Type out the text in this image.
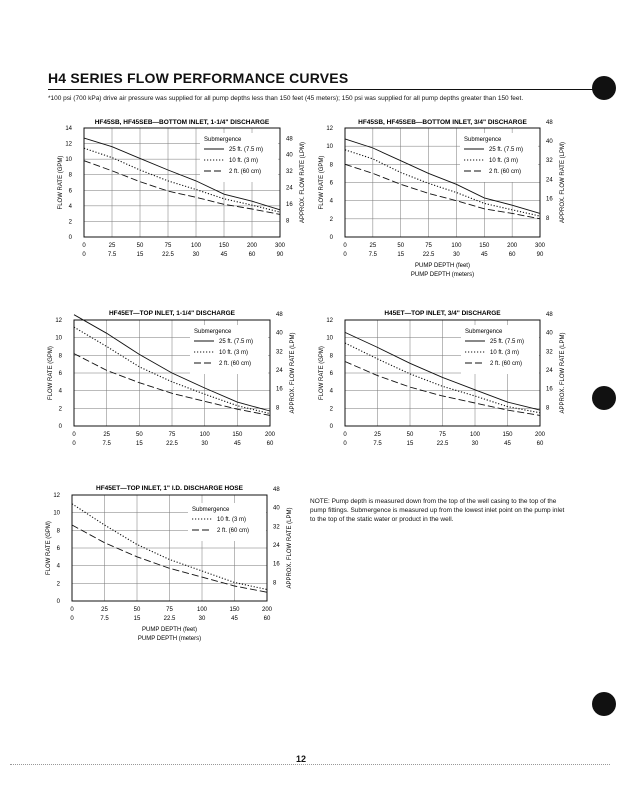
H4 SERIES FLOW PERFORMANCE CURVES
*100 psi (700 kPa) drive air pressure was supplied for all pump depths less than 150 feet (45 meters); 150 psi was supplied for all pump depths greater than 150 feet.
HF45SB, HF45SEB—BOTTOM INLET, 1-1/4" DISCHARGE
0
2
4
6
8
10
12
14
8
16
24
32
40
48
0	25	50	75	100	150	200	300
0	7.5	15	22.5	30	45	60	90
FLOW RATE (GPM)	APPROX. FLOW RATE (LPM)
Submergence
25 ft. (7.5 m)
10 ft. (3 m)
2 ft. (60 cm)
HF45SB, HF45SEB—BOTTOM INLET, 3/4" DISCHARGE
0
2
4
6
8
10
12
8
16
24
32
40
48
0	25	50	75	100	150	200	300
0	7.5	15	22.5	30	45	60	90
FLOW RATE (GPM)	APPROX. FLOW RATE (LPM)
PUMP DEPTH (feet)
PUMP DEPTH (meters)
Submergence
25 ft. (7.5 m)
10 ft. (3 m)
2 ft. (60 cm)
HF45ET—TOP INLET, 1-1/4" DISCHARGE
0
2
4
6
8
10
12
8
16
24
32
40
48
0	25	50	75	100	150	200
0	7.5	15	22.5	30	45	60
FLOW RATE (GPM)	APPROX. FLOW RATE (LPM)
Submergence
25 ft. (7.5 m)
10 ft. (3 m)
2 ft. (60 cm)
H45ET—TOP INLET, 3/4" DISCHARGE
0
2
4
6
8
10
12
8
16
24
32
40
48
0	25	50	75	100	150	200
0	7.5	15	22.5	30	45	60
FLOW RATE (GPM)	APPROX. FLOW RATE (LPM)
Submergence
25 ft. (7.5 m)
10 ft. (3 m)
2 ft. (60 cm)
HF45ET—TOP INLET, 1" I.D. DISCHARGE HOSE
0
2
4
6
8
10
12
8
16
24
32
40
48
0	25	50	75	100	150	200
0	7.5	15	22.5	30	45	60
FLOW RATE (GPM)	APPROX. FLOW RATE (LPM)
PUMP DEPTH (feet)
PUMP DEPTH (meters)
Submergence
10 ft. (3 m)
2 ft. (60 cm)
NOTE: Pump depth is measured down from the top of the well casing to the top of the pump fittings. Submergence is measured up from the lowest inlet point on the pump inlet to the top of the static water or product in the well.
12
